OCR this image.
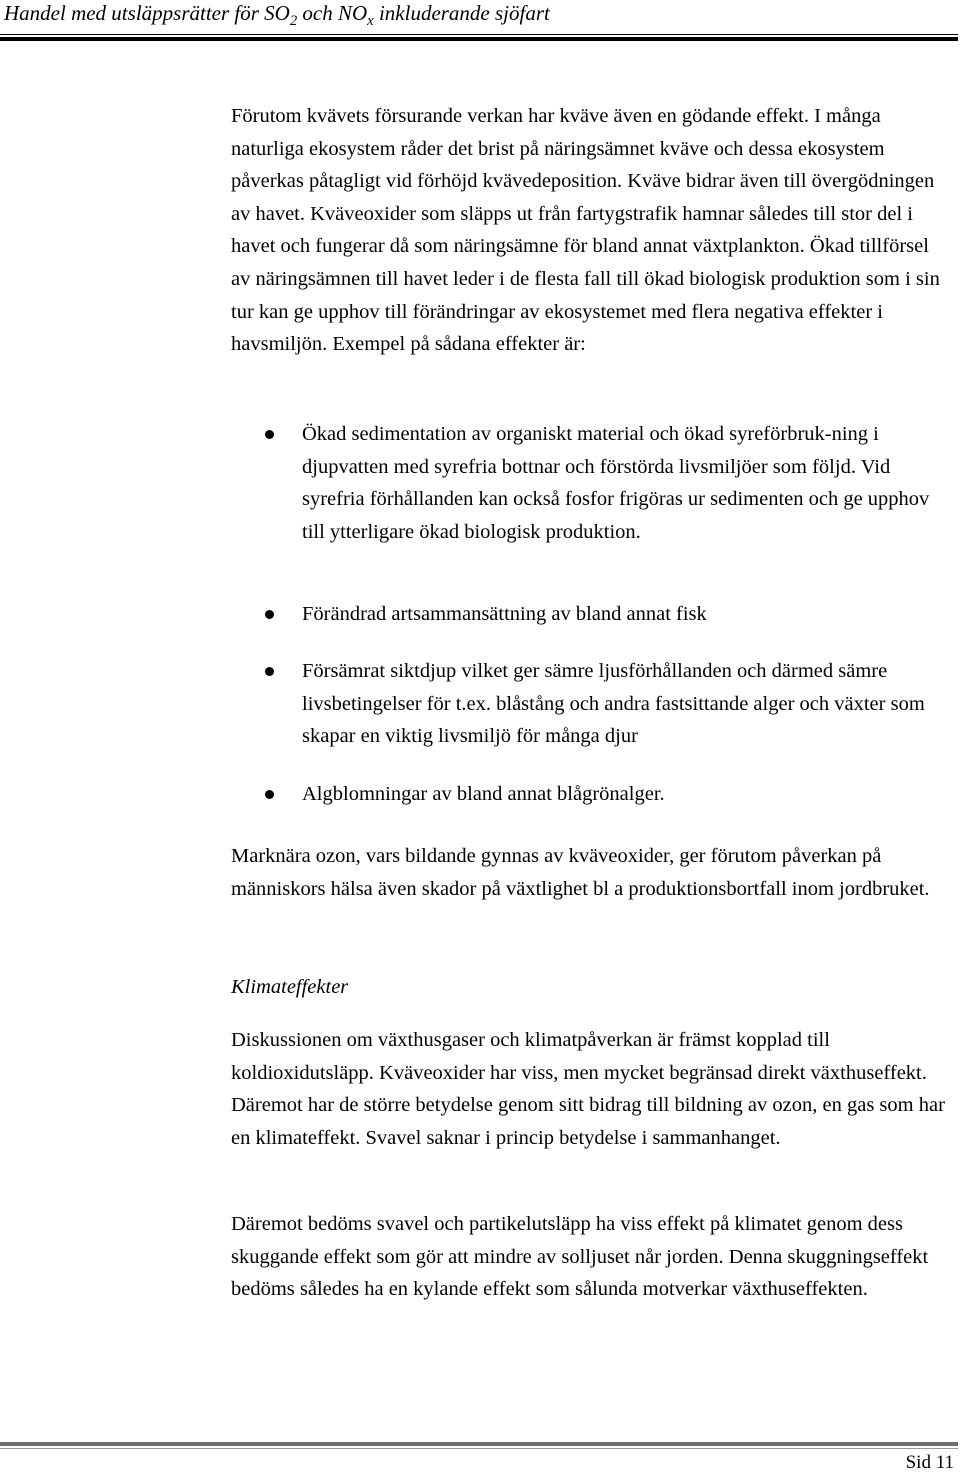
Handel med utsläppsrätter för $SO_2$ och $NO_x$ inkluderande sjöfart
Förutom kvävets försurande verkan har kväve även en gödande effekt. I många naturliga ekosystem råder det brist på näringsämnet kväve och dessa ekosystem påverkas påtagligt vid förhöjd kvävedeposition. Kväve bidrar även till övergödningen av havet. Kväveoxider som släpps ut från fartygstrafik hamnar således till stor del i havet och fungerar då som näringsämne för bland annat växtplankton. Ökad tillförsel av näringsämnen till havet leder i de flesta fall till ökad biologisk produktion som i sin tur kan ge upphov till förändringar av ekosystemet med flera negativa effekter i havsmiljön. Exempel på sådana effekter är:
Ökad sedimentation av organiskt material och ökad syreförbruk-ning i djupvatten med syrefria bottnar och förstörda livsmiljöer som följd. Vid syrefria förhållanden kan också fosfor frigöras ur sedimenten och ge upphov till ytterligare ökad biologisk produktion.
Förändrad artsammansättning av bland annat fisk
Försämrat siktdjup vilket ger sämre ljusförhållanden och därmed sämre livsbetingelser för t.ex. blåstång och andra fastsittande alger och växter som skapar en viktig livsmiljö för många djur
Algblomningar av bland annat blågrönalger.
Marknära ozon, vars bildande gynnas av kväveoxider, ger förutom påverkan på människors hälsa även skador på växtlighet bl a produktionsbortfall inom jordbruket.
Klimateffekter
Diskussionen om växthusgaser och klimatpåverkan är främst kopplad till koldioxidutsläpp. Kväveoxider har viss, men mycket begränsad direkt växthuseffekt. Däremot har de större betydelse genom sitt bidrag till bildning av ozon, en gas som har en klimateffekt. Svavel saknar i princip betydelse i sammanhanget.
Däremot bedöms svavel och partikelutsläpp ha viss effekt på klimatet genom dess skuggande effekt som gör att mindre av solljuset når jorden. Denna skuggningseffekt bedöms således ha en kylande effekt som sålunda motverkar växthuseffekten.
Sid 11
